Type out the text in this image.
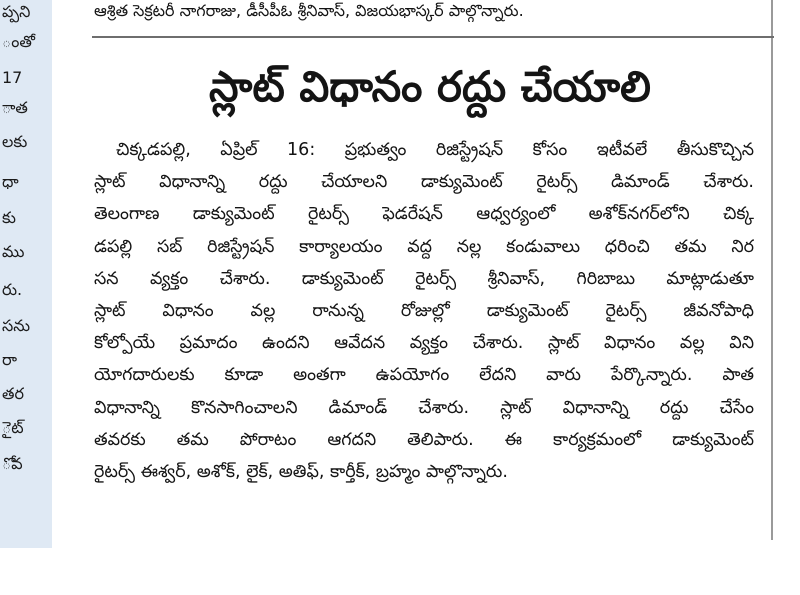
ప్పని
ంతో
17
ాత
లకు
ధా
కు
ము
రు.
సను
రా
తర
ైట్
ోవ
ఆశ్రిత సెక్రటరీ నాగరాజు, డీసీపీఓ శ్రీనివాస్, విజయభాస్కర్ పాల్గొన్నారు.
స్లాట్ విధానం రద్దు చేయాలి
చిక్కడపల్లి, ఏప్రిల్ 16: ప్రభుత్వం రిజిస్ట్రేషన్ కోసం ఇటీవలే తీసుకొచ్చిన
స్లాట్ విధానాన్ని రద్దు చేయాలని డాక్యుమెంట్ రైటర్స్ డిమాండ్ చేశారు.
తెలంగాణ డాక్యుమెంట్ రైటర్స్ ఫెడరేషన్ ఆధ్వర్యంలో అశోక్‌నగర్‌లోని చిక్క
డపల్లి సబ్ రిజిస్ట్రేషన్ కార్యాలయం వద్ద నల్ల కండువాలు ధరించి తమ నిర
సన వ్యక్తం చేశారు. డాక్యుమెంట్ రైటర్స్ శ్రీనివాస్, గిరిబాబు మాట్లాడుతూ
స్లాట్ విధానం వల్ల రానున్న రోజుల్లో డాక్యుమెంట్ రైటర్స్ జీవనోపాధి
కోల్పోయే ప్రమాదం ఉందని ఆవేదన వ్యక్తం చేశారు. స్లాట్ విధానం వల్ల విని
యోగదారులకు కూడా అంతగా ఉపయోగం లేదని వారు పేర్కొన్నారు. పాత
విధానాన్ని కొనసాగించాలని డిమాండ్ చేశారు. స్లాట్ విధానాన్ని రద్దు చేసేం
తవరకు తమ పోరాటం ఆగదని తెలిపారు. ఈ కార్యక్రమంలో డాక్యుమెంట్
రైటర్స్ ఈశ్వర్, అశోక్, లైక్, అతిఫ్, కార్తీక్, బ్రహ్మం పాల్గొన్నారు.
